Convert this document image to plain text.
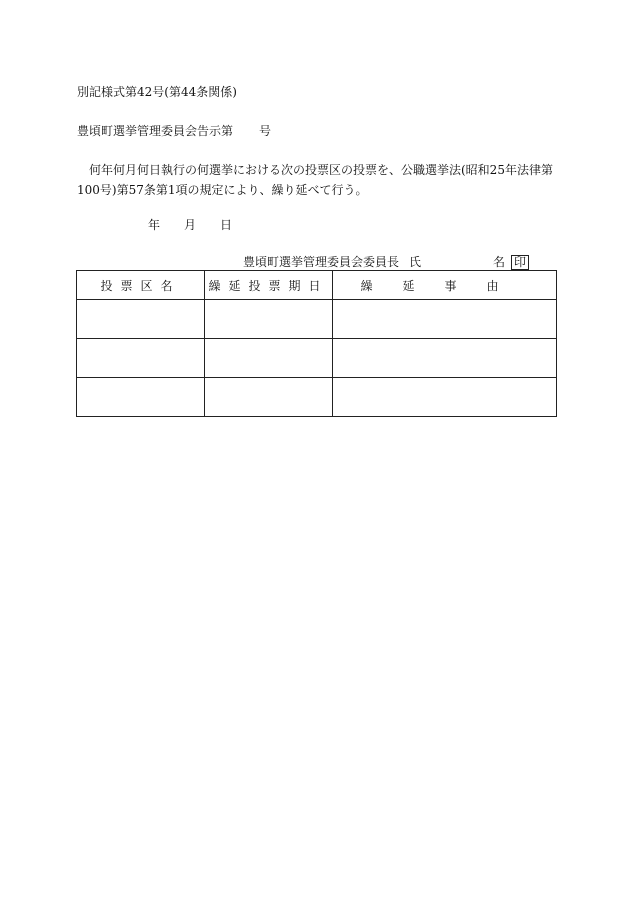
別記様式第42号(第44条関係)
豊頃町選挙管理委員会告示第 号
何年何月何日執行の何選挙における次の投票区の投票を、公職選挙法(昭和25年法律第100号)第57条第1項の規定により、繰り延べて行う。
年 月 日
豊頃町選挙管理委員会委員長 氏	名 印
投票区名	繰延投票期日	繰延事由
